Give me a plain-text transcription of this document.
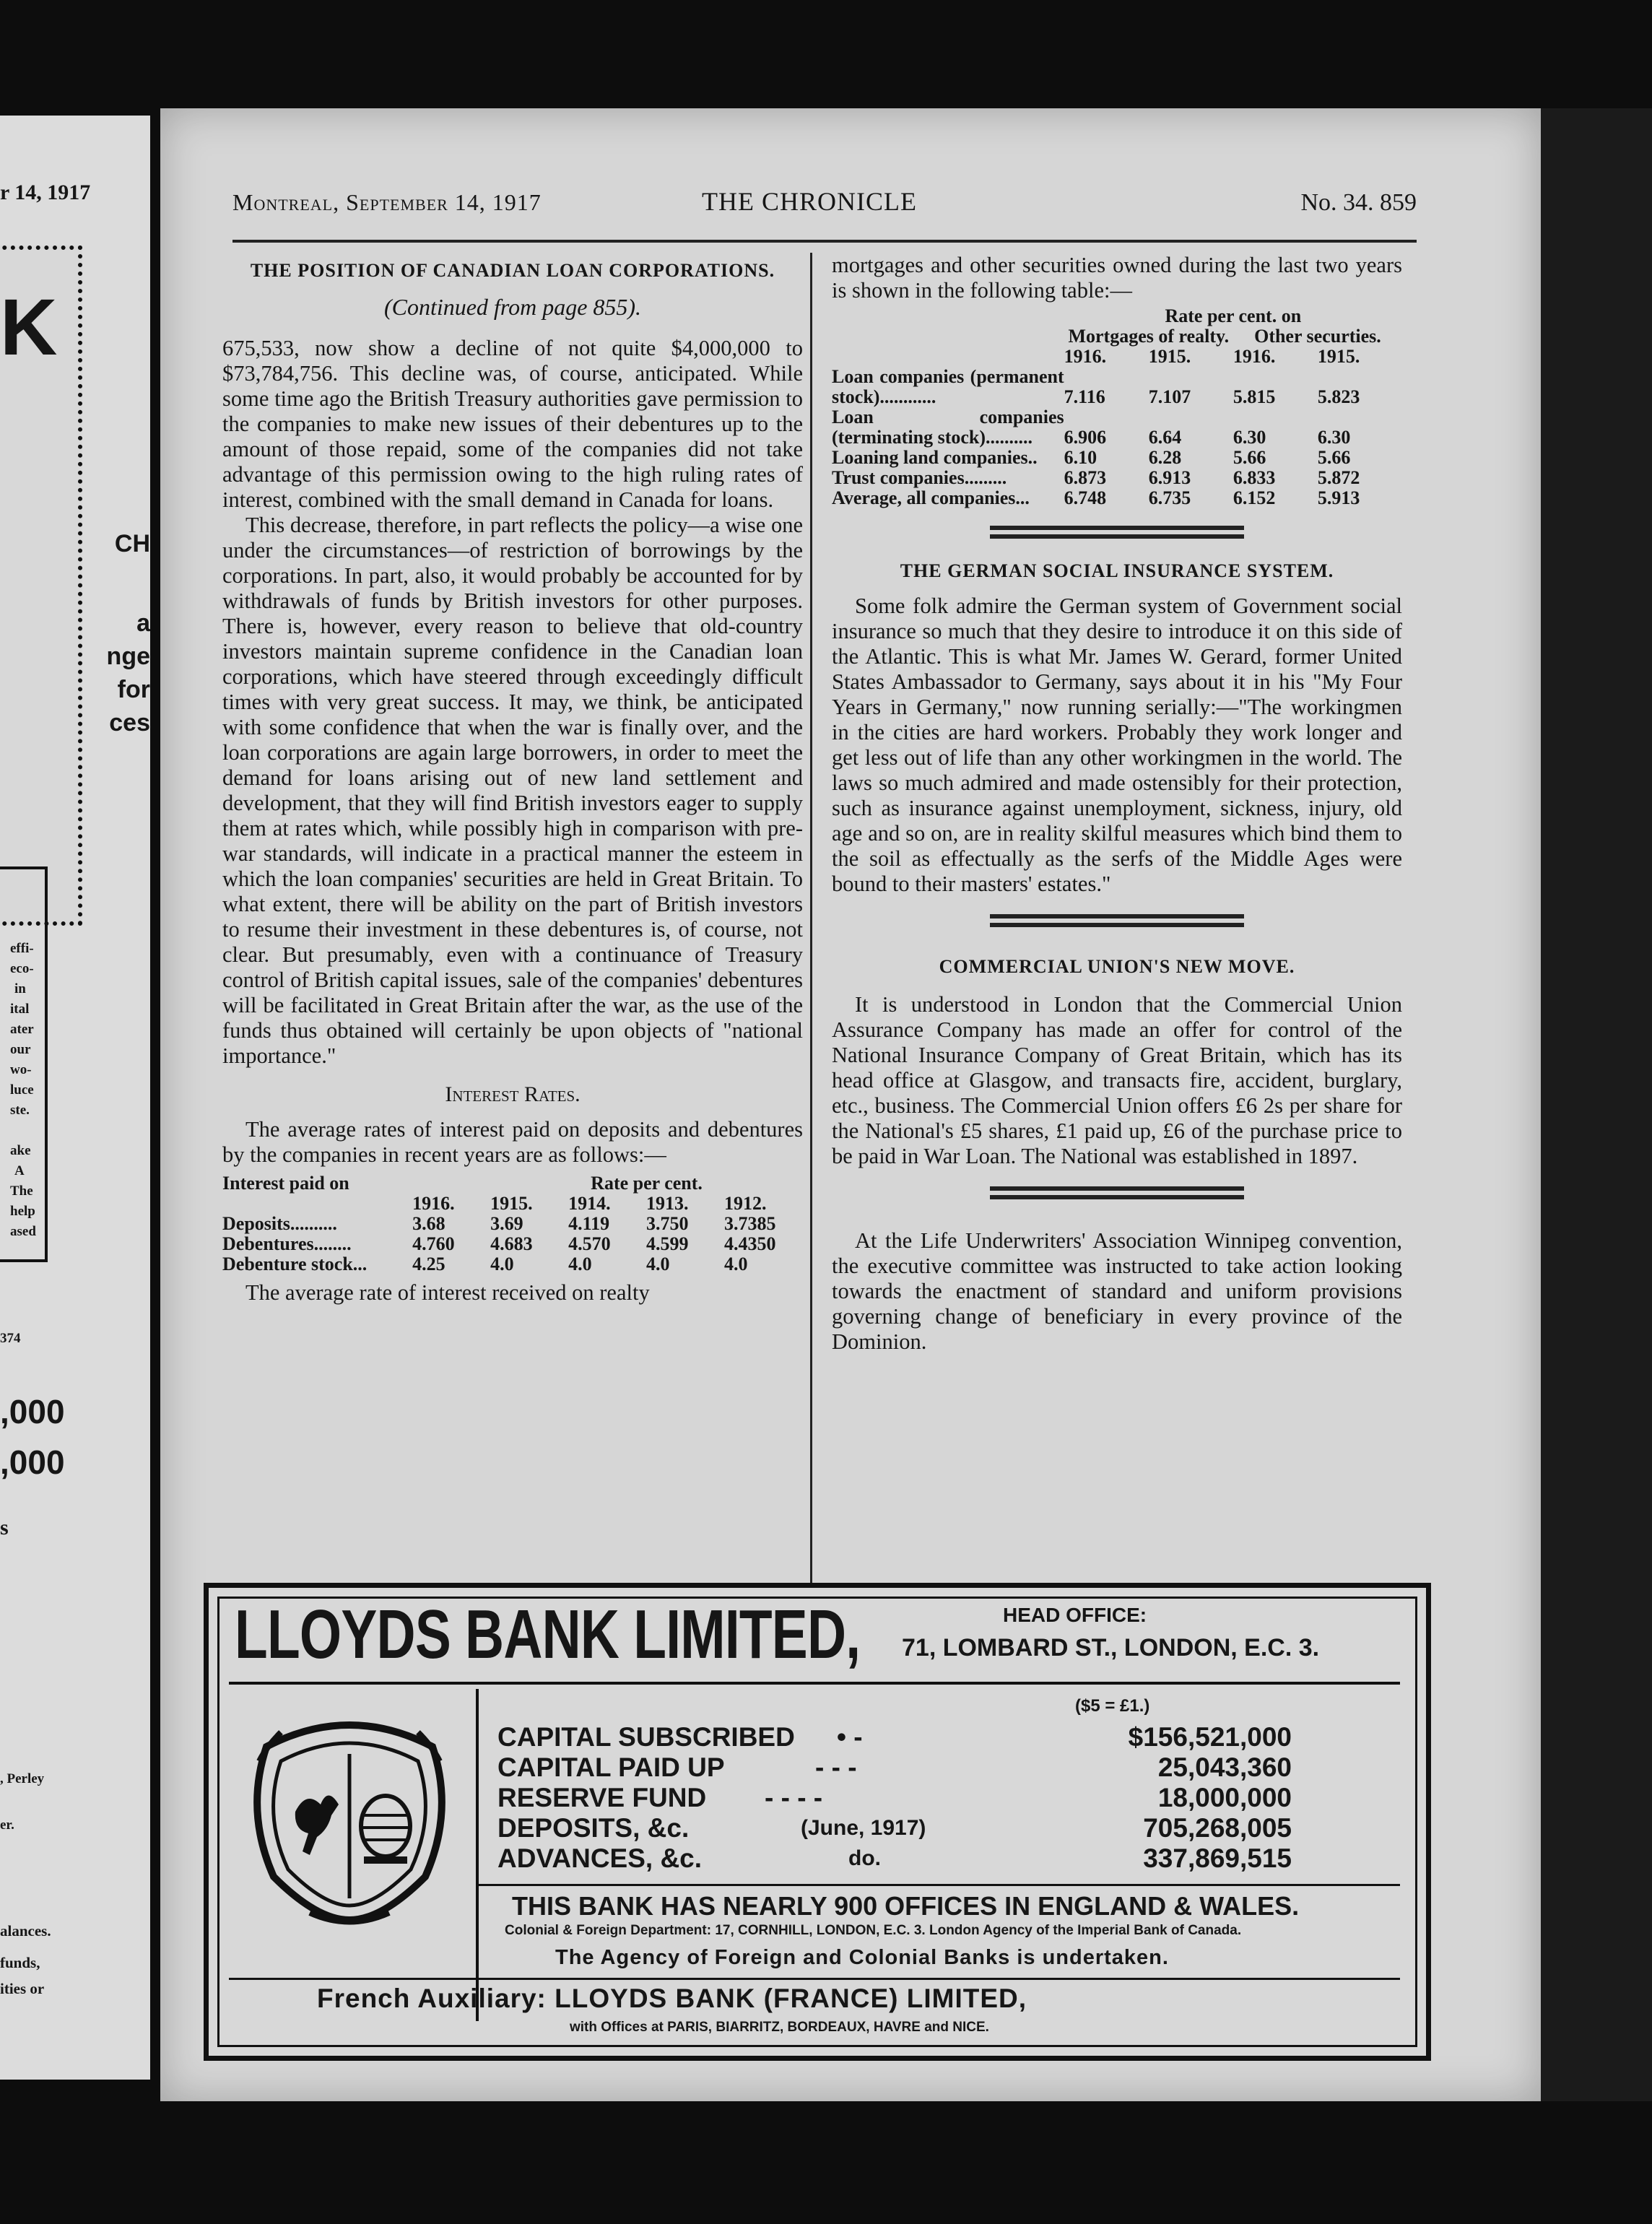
r 14, 1917
K
CH
a
nge
for
ces
effi-
eco-
in
ital
ater
our
wo-
luce
ste.
ake
A
The
help
ased
374
,000
,000
s
, Perley
er.
alances.
funds,
ities or
Montreal, September 14, 1917	THE CHRONICLE	No. 34. 859
THE POSITION OF CANADIAN LOAN CORPORATIONS.
(Continued from page 855).

675,533, now show a decline of not quite $4,000,000 to $73,784,756. This decline was, of course, anticipated. While some time ago the British Treasury authorities gave permission to the companies to make new issues of their debentures up to the amount of those repaid, some of the companies did not take advantage of this permission owing to the high ruling rates of interest, combined with the small demand in Canada for loans.

This decrease, therefore, in part reflects the policy—a wise one under the circumstances—of restriction of borrowings by the corporations. In part, also, it would probably be accounted for by withdrawals of funds by British investors for other purposes. There is, however, every reason to believe that old-country investors maintain supreme confidence in the Canadian loan corporations, which have steered through exceedingly difficult times with very great success. It may, we think, be anticipated with some confidence that when the war is finally over, and the loan corporations are again large borrowers, in order to meet the demand for loans arising out of new land settlement and development, that they will find British investors eager to supply them at rates which, while possibly high in comparison with pre-war standards, will indicate in a practical manner the esteem in which the loan companies' securities are held in Great Britain. To what extent, there will be ability on the part of British investors to resume their investment in these debentures is, of course, not clear. But presumably, even with a continuance of Treasury control of British capital issues, sale of the companies' debentures will be facilitated in Great Britain after the war, as the use of the funds thus obtained will certainly be upon objects of "national importance."

Interest Rates.

The average rates of interest paid on deposits and debentures by the companies in recent years are as follows:—

Interest paid on		Rate per cent.			
	1916.	1915.	1914.	1913.	1912.
Deposits..........	3.68	3.69	4.119	3.750	3.7385
Debentures........	4.760	4.683	4.570	4.599	4.4350
Debenture stock...	4.25	4.0	4.0	4.0	4.0

The average rate of interest received on realty

mortgages and other securities owned during the last two years is shown in the following table:—

	Rate per cent. on			
	Mortgages of realty.		Other securties.	
	1916.	1915.	1916.	1915.
Loan companies (permanent stock)............	7.116	7.107	5.815	5.823
Loan companies (terminating stock)..........	6.906	6.64	6.30	6.30
Loaning land companies..	6.10	6.28	5.66	5.66
Trust companies.........	6.873	6.913	6.833	5.872
Average, all companies...	6.748	6.735	6.152	5.913
THE GERMAN SOCIAL INSURANCE SYSTEM.

Some folk admire the German system of Government social insurance so much that they desire to introduce it on this side of the Atlantic. This is what Mr. James W. Gerard, former United States Ambassador to Germany, says about it in his "My Four Years in Germany," now running serially:—"The workingmen in the cities are hard workers. Probably they work longer and get less out of life than any other workingmen in the world. The laws so much admired and made ostensibly for their protection, such as insurance against unemployment, sickness, injury, old age and so on, are in reality skilful measures which bind them to the soil as effectually as the serfs of the Middle Ages were bound to their masters' estates."

COMMERCIAL UNION'S NEW MOVE.

It is understood in London that the Commercial Union Assurance Company has made an offer for control of the National Insurance Company of Great Britain, which has its head office at Glasgow, and transacts fire, accident, burglary, etc., business. The Commercial Union offers £6 2s per share for the National's £5 shares, £1 paid up, £6 of the purchase price to be paid in War Loan. The National was established in 1897.

At the Life Underwriters' Association Winnipeg convention, the executive committee was instructed to take action looking towards the enactment of standard and uniform provisions governing change of beneficiary in every province of the Dominion.

LLOYDS BANK LIMITED,	HEAD OFFICE:
71, LOMBARD ST., LONDON, E.C. 3.
($5 = £1.)
CAPITAL SUBSCRIBED • -	$156,521,000
CAPITAL PAID UP	- - -	25,043,360
RESERVE FUND - - - -	18,000,000
DEPOSITS, &c.	(June, 1917)	705,268,005
ADVANCES, &c.	do.	337,869,515
THIS BANK HAS NEARLY 900 OFFICES IN ENGLAND & WALES.
Colonial & Foreign Department: 17, CORNHILL, LONDON, E.C. 3. London Agency of the Imperial Bank of Canada.
The Agency of Foreign and Colonial Banks is undertaken.
French Auxiliary: LLOYDS BANK (FRANCE) LIMITED,
with Offices at PARIS, BIARRITZ, BORDEAUX, HAVRE and NICE.
